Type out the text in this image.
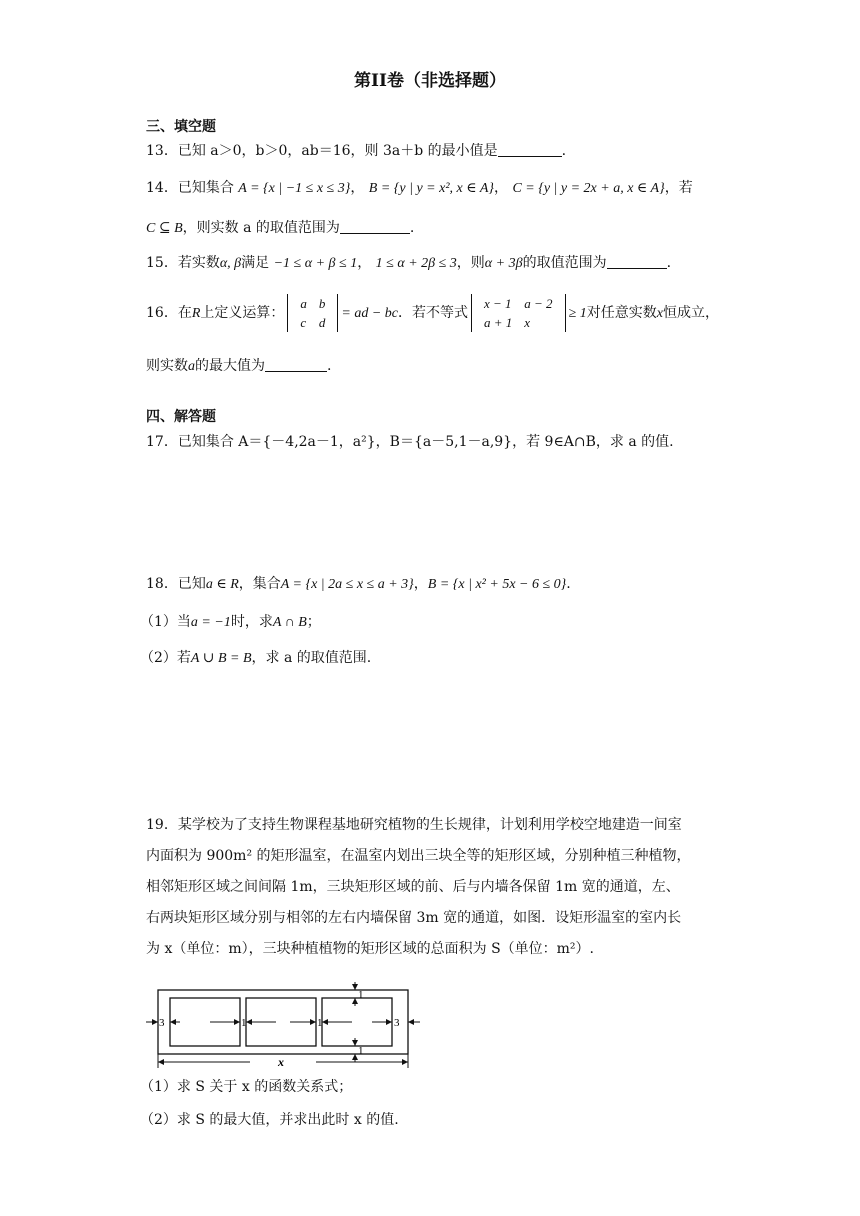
第II卷（非选择题）
三、填空题
13．已知 a＞0，b＞0，ab＝16，则 3a＋b 的最小值是	.
14．已知集合 A = {x | −1 ≤ x ≤ 3}， B = {y | y = x², x ∈ A}， C = {y | y = 2x + a, x ∈ A}，若
C ⊆ B，则实数 a 的取值范围为	.
15．若实数α, β满足 −1 ≤ α + β ≤ 1， 1 ≤ α + 2β ≤ 3，则α + 3β的取值范围为	.
16．在R上定义运算：
a	b
c	d
= ad − bc．若不等式
x − 1	a − 2
a + 1	x
≥ 1对任意实数x恒成立，
则实数a的最大值为	.
四、解答题
17．已知集合 A＝{－4,2a－1，a²}，B＝{a－5,1－a,9}，若 9∈A∩B，求 a 的值.
18．已知a ∈ R，集合A = {x | 2a ≤ x ≤ a + 3}，B = {x | x² + 5x − 6 ≤ 0}.
（1）当a = −1时，求A ∩ B；
（2）若A ∪ B = B，求 a 的取值范围.
19．某学校为了支持生物课程基地研究植物的生长规律，计划利用学校空地建造一间室
内面积为 900m² 的矩形温室，在温室内划出三块全等的矩形区域，分别种植三种植物，
相邻矩形区域之间间隔 1m，三块矩形区域的前、后与内墙各保留 1m 宽的通道，左、
右两块矩形区域分别与相邻的左右内墙保留 3m 宽的通道，如图．设矩形温室的室内长
为 x（单位：m），三块种植植物的矩形区域的总面积为 S（单位：m²）.
3	1	1	3
1
1
x
（1）求 S 关于 x 的函数关系式；
（2）求 S 的最大值，并求出此时 x 的值.
